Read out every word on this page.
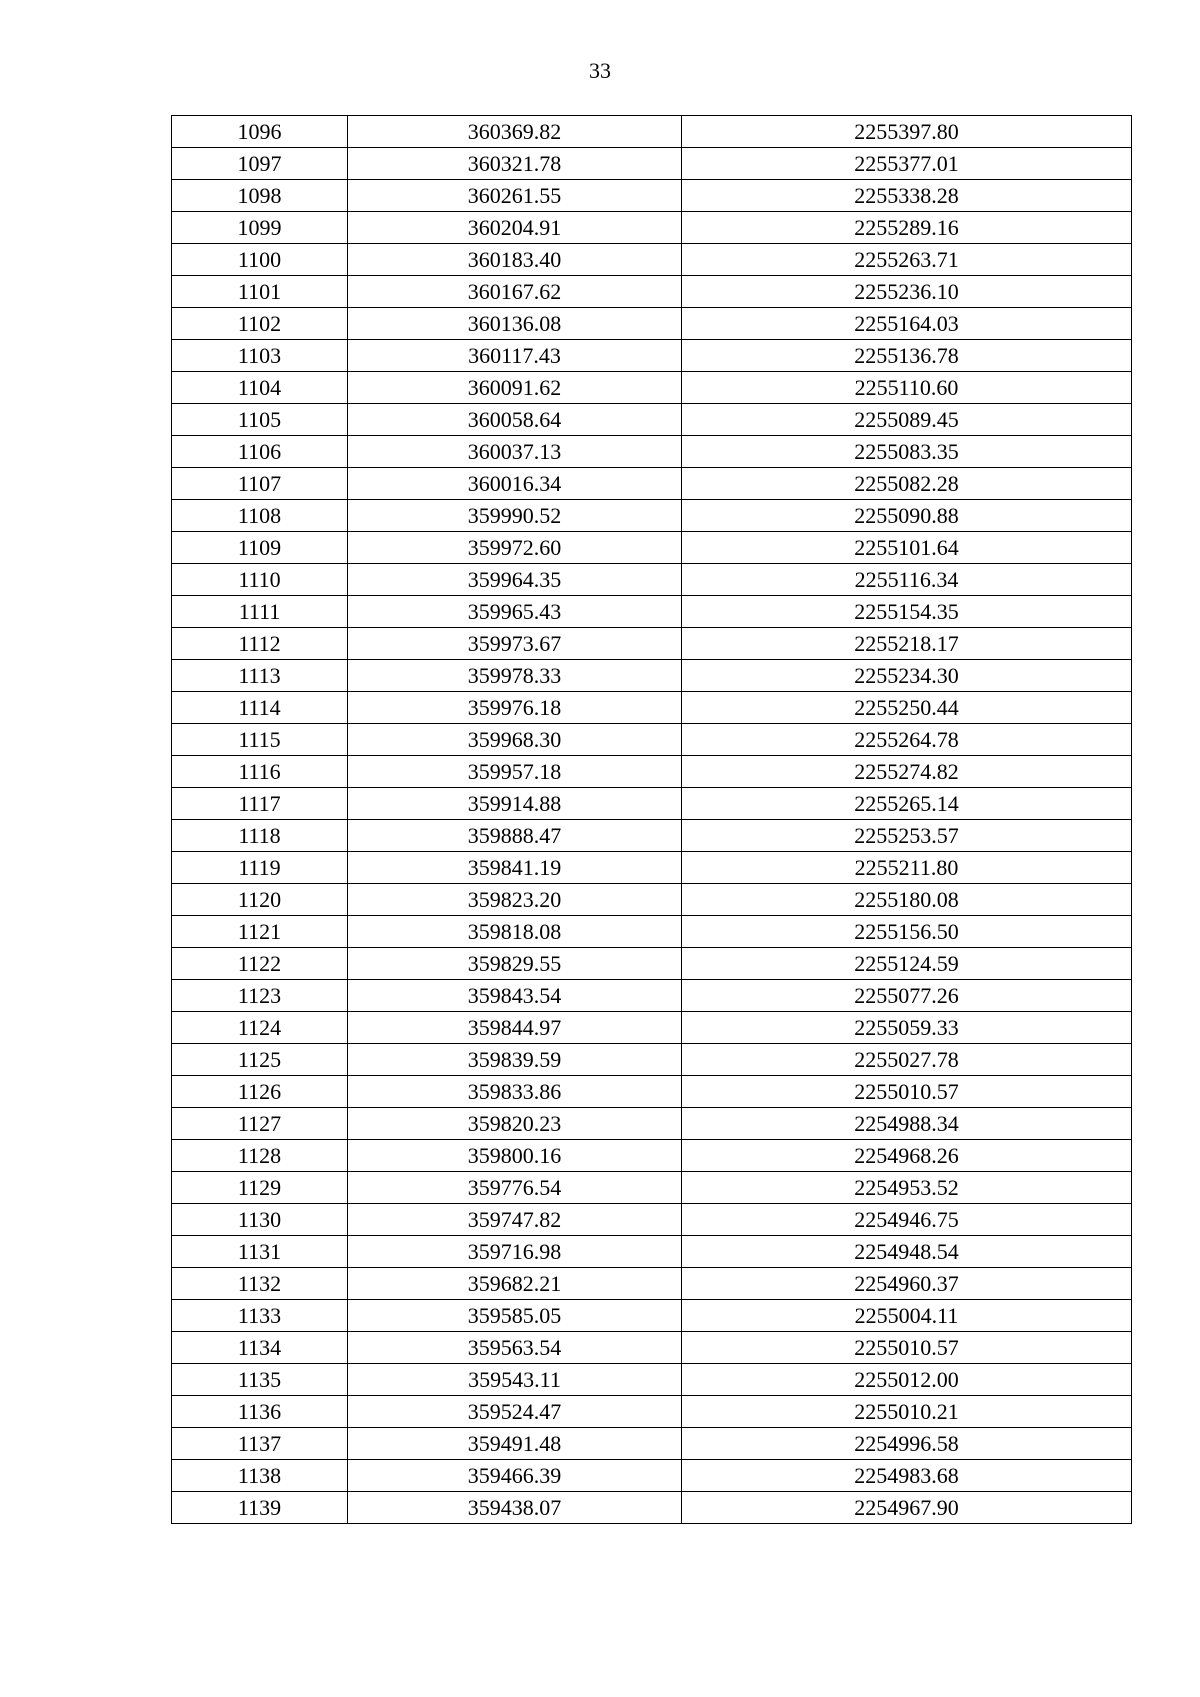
33
1096	360369.82	2255397.80
1097	360321.78	2255377.01
1098	360261.55	2255338.28
1099	360204.91	2255289.16
1100	360183.40	2255263.71
1101	360167.62	2255236.10
1102	360136.08	2255164.03
1103	360117.43	2255136.78
1104	360091.62	2255110.60
1105	360058.64	2255089.45
1106	360037.13	2255083.35
1107	360016.34	2255082.28
1108	359990.52	2255090.88
1109	359972.60	2255101.64
1110	359964.35	2255116.34
1111	359965.43	2255154.35
1112	359973.67	2255218.17
1113	359978.33	2255234.30
1114	359976.18	2255250.44
1115	359968.30	2255264.78
1116	359957.18	2255274.82
1117	359914.88	2255265.14
1118	359888.47	2255253.57
1119	359841.19	2255211.80
1120	359823.20	2255180.08
1121	359818.08	2255156.50
1122	359829.55	2255124.59
1123	359843.54	2255077.26
1124	359844.97	2255059.33
1125	359839.59	2255027.78
1126	359833.86	2255010.57
1127	359820.23	2254988.34
1128	359800.16	2254968.26
1129	359776.54	2254953.52
1130	359747.82	2254946.75
1131	359716.98	2254948.54
1132	359682.21	2254960.37
1133	359585.05	2255004.11
1134	359563.54	2255010.57
1135	359543.11	2255012.00
1136	359524.47	2255010.21
1137	359491.48	2254996.58
1138	359466.39	2254983.68
1139	359438.07	2254967.90
